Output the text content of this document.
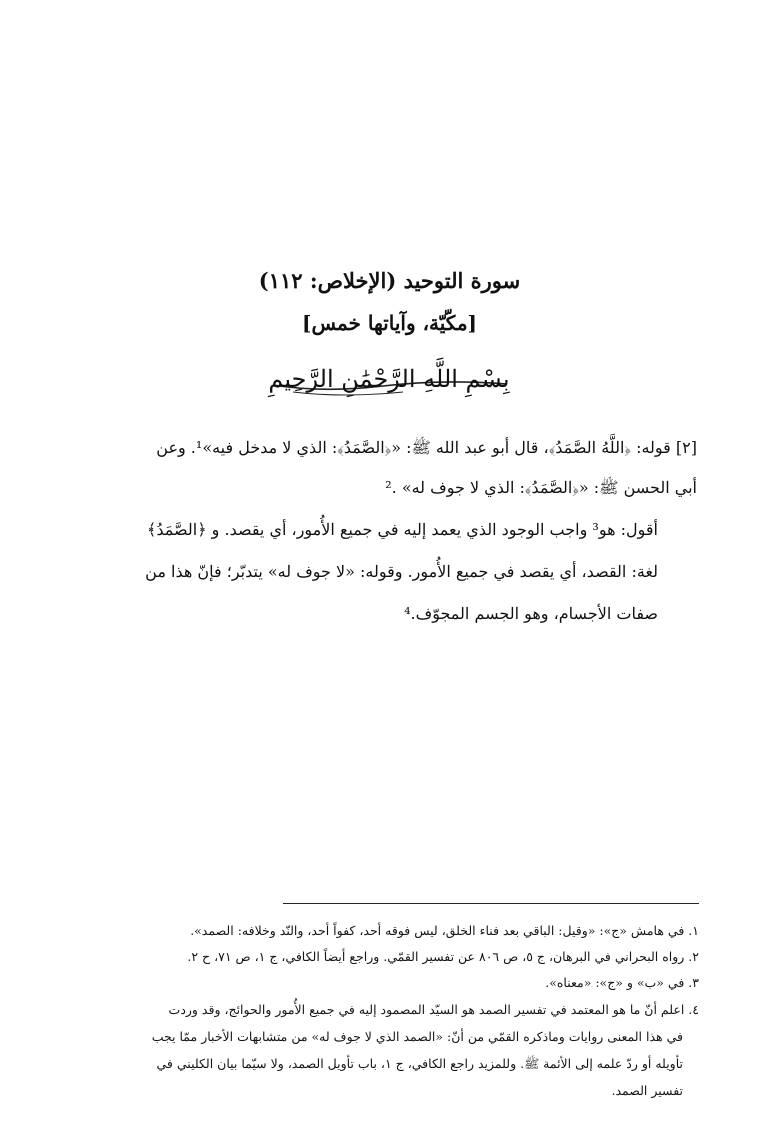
سورة التوحيد (الإخلاص: ١١٢)
[مكّيّة، وآياتها خمس]
بِسْمِ اللَّهِ الرَّحْمَٰنِ الرَّحِيمِ
[٢] قوله: ﴿اللَّهُ الصَّمَدُ﴾، قال أبو عبد الله ﷺ: «﴿الصَّمَدُ﴾: الذي لا مدخل فيه»¹. وعن
أبي الحسن ﷺ: «﴿الصَّمَدُ﴾: الذي لا جوف له» .²
أقول: هو³ واجب الوجود الذي يعمد إليه في جميع الأُمور، أي يقصد. و ﴿الصَّمَدُ﴾
لغة: القصد، أي يقصد في جميع الأُمور. وقوله: «لا جوف له» يتدبّر؛ فإنّ هذا من
صفات الأجسام، وهو الجسم المجوّف.⁴
١. في هامش «ج»: «وقيل: الباقي بعد فناء الخلق، ليس فوقه أحد، كفواً أحد، والنّد وخلافه: الصمد».
٢. رواه البحراني في البرهان، ج ٥، ص ٨٠٦ عن تفسير القمّي. وراجع أيضاً الكافي، ج ١، ص ٧١، ح ٢.
٣. في «ب» و «ج»: «معناه».
٤. اعلم أنّ ما هو المعتمد في تفسير الصمد هو السيّد المصمود إليه في جميع الأُمور والحوائج، وقد وردت
في هذا المعنى روايات وماذكره القمّي من أنّ: «الصمد الذي لا جوف له» من متشابهات الأخبار ممّا يجب
تأويله أو ردّ علمه إلى الأئمة ﷺ. وللمزيد راجع الكافي، ج ١، باب تأويل الصمد، ولا سيّما بيان الكليني في
تفسير الصمد.
